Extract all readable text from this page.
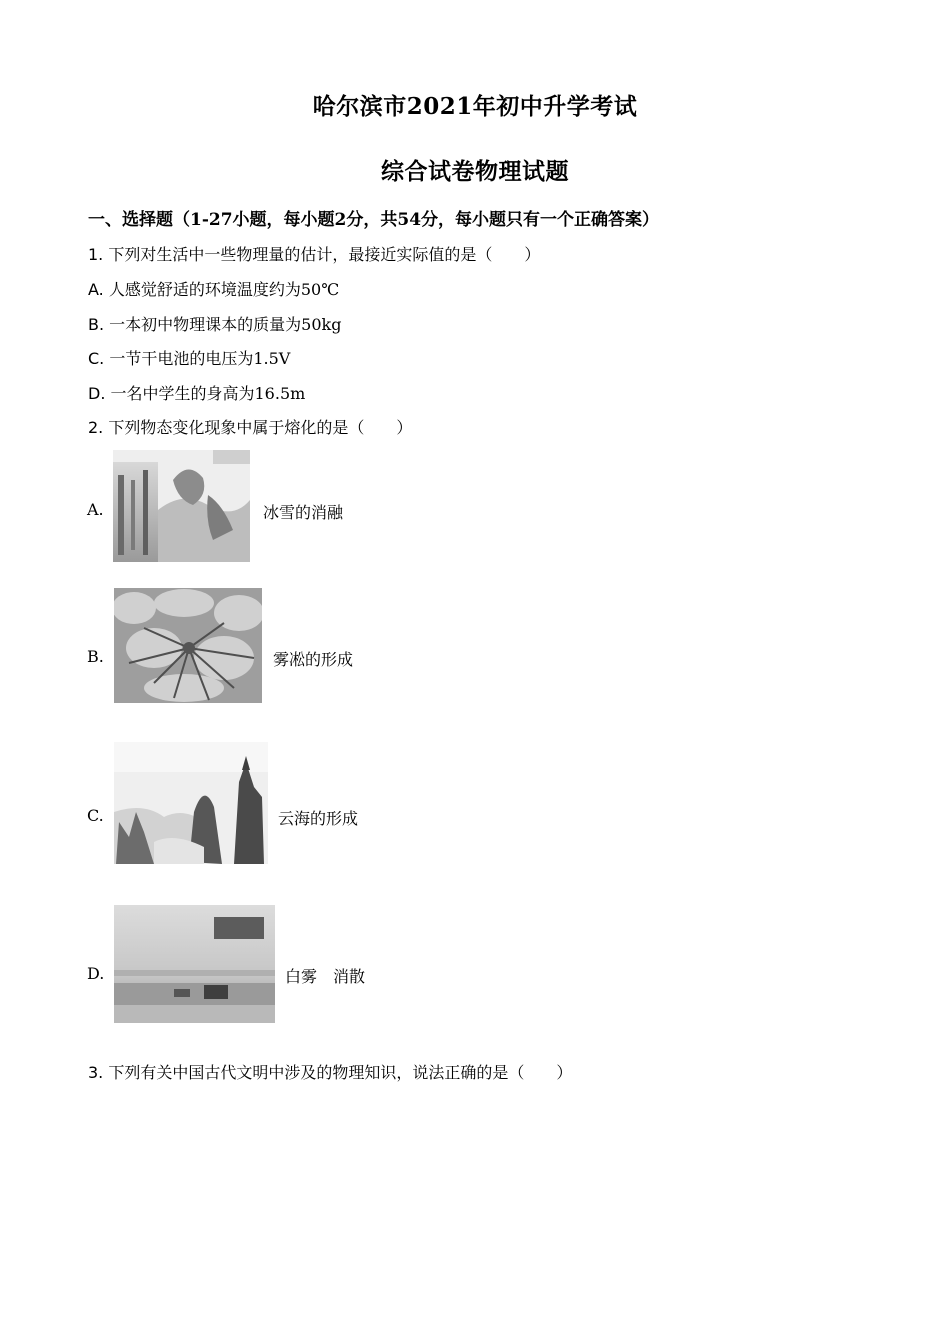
哈尔滨市2021年初中升学考试
综合试卷物理试题
一、选择题（1-27小题，每小题2分，共54分，每小题只有一个正确答案）
1. 下列对生活中一些物理量的估计，最接近实际值的是（　　）
A. 人感觉舒适的环境温度约为50℃
B. 一本初中物理课本的质量为50kg
C. 一节干电池的电压为1.5V
D. 一名中学生的身高为16.5m
2. 下列物态变化现象中属于熔化的是（　　）
A.	冰雪的消融
B.	雾凇的形成
C.	云海的形成
D.	白雾　消散
3. 下列有关中国古代文明中涉及的物理知识，说法正确的是（　　）
